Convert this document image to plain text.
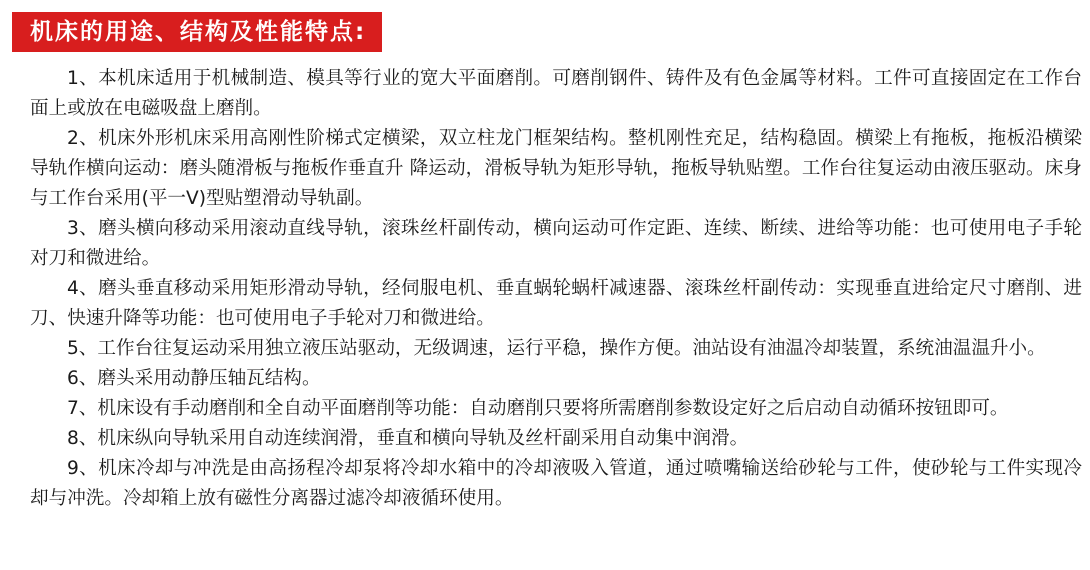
机床的用途、结构及性能特点:

1、本机床适用于机械制造、模具等行业的宽大平面磨削。可磨削钢件、铸件及有色金属等材料。工件可直接固定在工作台 面上或放在电磁吸盘上磨削。

2、机床外形机床采用高刚性阶梯式定横梁，双立柱龙门框架结构。整机刚性充足，结构稳固。横梁上有拖板，拖板沿横梁导轨作横向运动：磨头随滑板与拖板作垂直升 降运动，滑板导轨为矩形导轨，拖板导轨贴塑。工作台往复运动由液压驱动。床身与工作台采用(平一V)型贴塑滑动导轨副。

3、磨头横向移动采用滚动直线导轨，滚珠丝杆副传动，横向运动可作定距、连续、断续、进给等功能：也可使用电子手轮对刀和微进给。

4、磨头垂直移动采用矩形滑动导轨，经伺服电机、垂直蜗轮蜗杆减速器、滚珠丝杆副传动：实现垂直进给定尺寸磨削、进刀、快速升降等功能：也可使用电子手轮对刀和微进给。

5、工作台往复运动采用独立液压站驱动，无级调速，运行平稳，操作方便。油站设有油温冷却装置，系统油温温升小。

6、磨头采用动静压轴瓦结构。

7、机床设有手动磨削和全自动平面磨削等功能：自动磨削只要将所需磨削参数设定好之后启动自动循环按钮即可。

8、机床纵向导轨采用自动连续润滑，垂直和横向导轨及丝杆副采用自动集中润滑。

9、机床冷却与冲洗是由高扬程冷却泵将冷却水箱中的冷却液吸入管道，通过喷嘴输送给砂轮与工件，使砂轮与工件实现冷却与冲洗。冷却箱上放有磁性分离器过滤冷却液循环使用。
